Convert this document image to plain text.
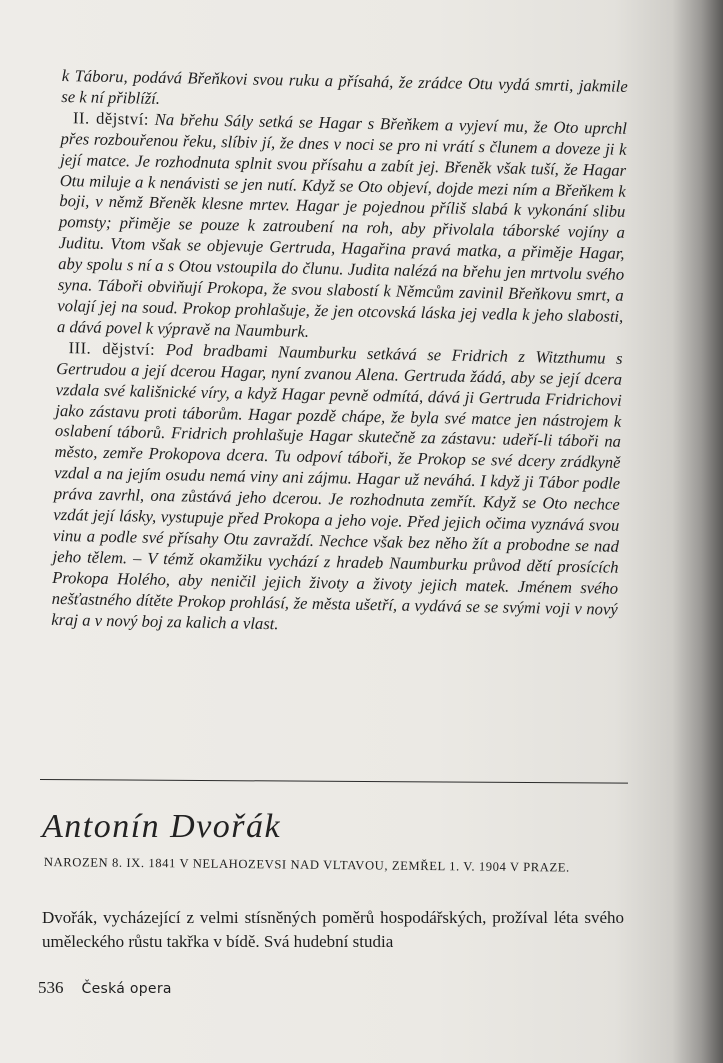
k Táboru, podává Břeňkovi svou ruku a přísahá, že zrádce Otu vydá smrti, jakmile se k ní přiblíží.

II. dějství: Na břehu Sály setká se Hagar s Břeňkem a vyjeví mu, že Oto uprchl přes rozbouřenou řeku, slíbiv jí, že dnes v noci se pro ni vrátí s člunem a doveze ji k její matce. Je rozhodnuta splnit svou přísahu a zabít jej. Břeněk však tuší, že Hagar Otu miluje a k nenávisti se jen nutí. Když se Oto objeví, dojde mezi ním a Břeňkem k boji, v němž Břeněk klesne mrtev. Hagar je pojednou příliš slabá k vykonání slibu pomsty; přiměje se pouze k zatroubení na roh, aby přivolala táborské vojíny a Juditu. Vtom však se objevuje Gertruda, Hagařina pravá matka, a přiměje Hagar, aby spolu s ní a s Otou vstoupila do člunu. Judita nalézá na břehu jen mrtvolu svého syna. Táboři obviňují Prokopa, že svou slabostí k Němcům zavinil Břeňkovu smrt, a volají jej na soud. Prokop prohlašuje, že jen otcovská láska jej vedla k jeho slabosti, a dává povel k výpravě na Naumburk.

III. dějství: Pod bradbami Naumburku setkává se Fridrich z Witzthumu s Gertrudou a její dcerou Hagar, nyní zvanou Alena. Gertruda žádá, aby se její dcera vzdala své kališnické víry, a když Hagar pevně odmítá, dává ji Gertruda Fridrichovi jako zástavu proti táborům. Hagar pozdě chápe, že byla své matce jen nástrojem k oslabení táborů. Fridrich prohlašuje Hagar skutečně za zástavu: udeří-li táboři na město, zemře Prokopova dcera. Tu odpoví táboři, že Prokop se své dcery zrádkyně vzdal a na jejím osudu nemá viny ani zájmu. Hagar už neváhá. I když ji Tábor podle práva zavrhl, ona zůstává jeho dcerou. Je rozhodnuta zemřít. Když se Oto nechce vzdát její lásky, vystupuje před Prokopa a jeho voje. Před jejich očima vyznává svou vinu a podle své přísahy Otu zavraždí. Nechce však bez něho žít a probodne se nad jeho tělem. – V témž okamžiku vychází z hradeb Naumburku průvod dětí prosících Prokopa Holého, aby neničil jejich životy a životy jejich matek. Jménem svého nešťastného dítěte Prokop prohlásí, že města ušetří, a vydává se se svými voji v nový kraj a v nový boj za kalich a vlast.

Antonín Dvořák
NAROZEN 8. IX. 1841 V NELAHOZEVSI NAD VLTAVOU, ZEMŘEL 1. V. 1904 V PRAZE.
Dvořák, vycházející z velmi stísněných poměrů hospodářských, prožíval léta svého uměleckého růstu takřka v bídě. Svá hudební studia
536 Česká opera
